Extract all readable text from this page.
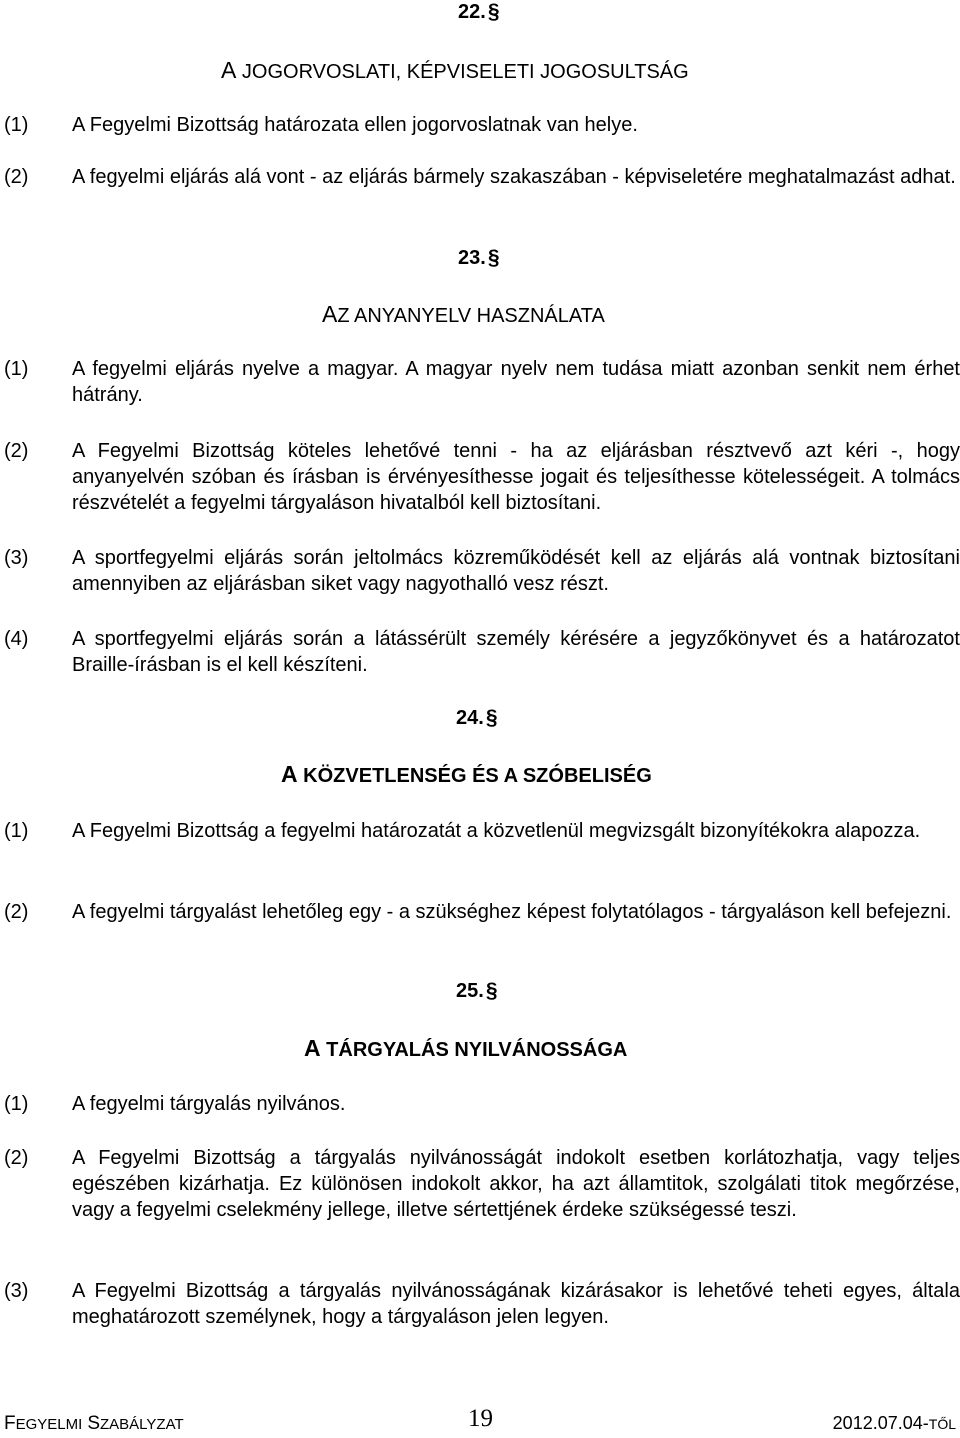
22.§
A JOGORVOSLATI, KÉPVISELETI JOGOSULTSÁG
(1) A Fegyelmi Bizottság határozata ellen jogorvoslatnak van helye.
(2) A fegyelmi eljárás alá vont - az eljárás bármely szakaszában - képviseletére meghatalmazást adhat.
23.§
AZ ANYANYELV HASZNÁLATA
(1) A fegyelmi eljárás nyelve a magyar. A magyar nyelv nem tudása miatt azonban senkit nem érhet hátrány.
(2) A Fegyelmi Bizottság köteles lehetővé tenni - ha az eljárásban résztvevő azt kéri -, hogy anyanyelvén szóban és írásban is érvényesíthesse jogait és teljesíthesse kötelességeit. A tolmács részvételét a fegyelmi tárgyaláson hivatalból kell biztosítani.
(3) A sportfegyelmi eljárás során jeltolmács közreműködését kell az eljárás alá vontnak biztosítani amennyiben az eljárásban siket vagy nagyothalló vesz részt.
(4) A sportfegyelmi eljárás során a látássérült személy kérésére a jegyzőkönyvet és a határozatot Braille-írásban is el kell készíteni.
24.§
A KÖZVETLENSÉG ÉS A SZÓBELISÉG
(1) A Fegyelmi Bizottság a fegyelmi határozatát a közvetlenül megvizsgált bizonyítékokra alapozza.
(2) A fegyelmi tárgyalást lehetőleg egy - a szükséghez képest folytatólagos - tárgyaláson kell befejezni.
25.§
A TÁRGYALÁS NYILVÁNOSSÁGA
(1) A fegyelmi tárgyalás nyilvános.
(2) A Fegyelmi Bizottság a tárgyalás nyilvánosságát indokolt esetben korlátozhatja, vagy teljes egészében kizárhatja. Ez különösen indokolt akkor, ha azt államtitok, szolgálati titok megőrzése, vagy a fegyelmi cselekmény jellege, illetve sértettjének érdeke szükségessé teszi.
(3) A Fegyelmi Bizottság a tárgyalás nyilvánosságának kizárásakor is lehetővé teheti egyes, általa meghatározott személynek, hogy a tárgyaláson jelen legyen.
FEGYELMI SZABÁLYZAT	19	2012.07.04-TŐL
